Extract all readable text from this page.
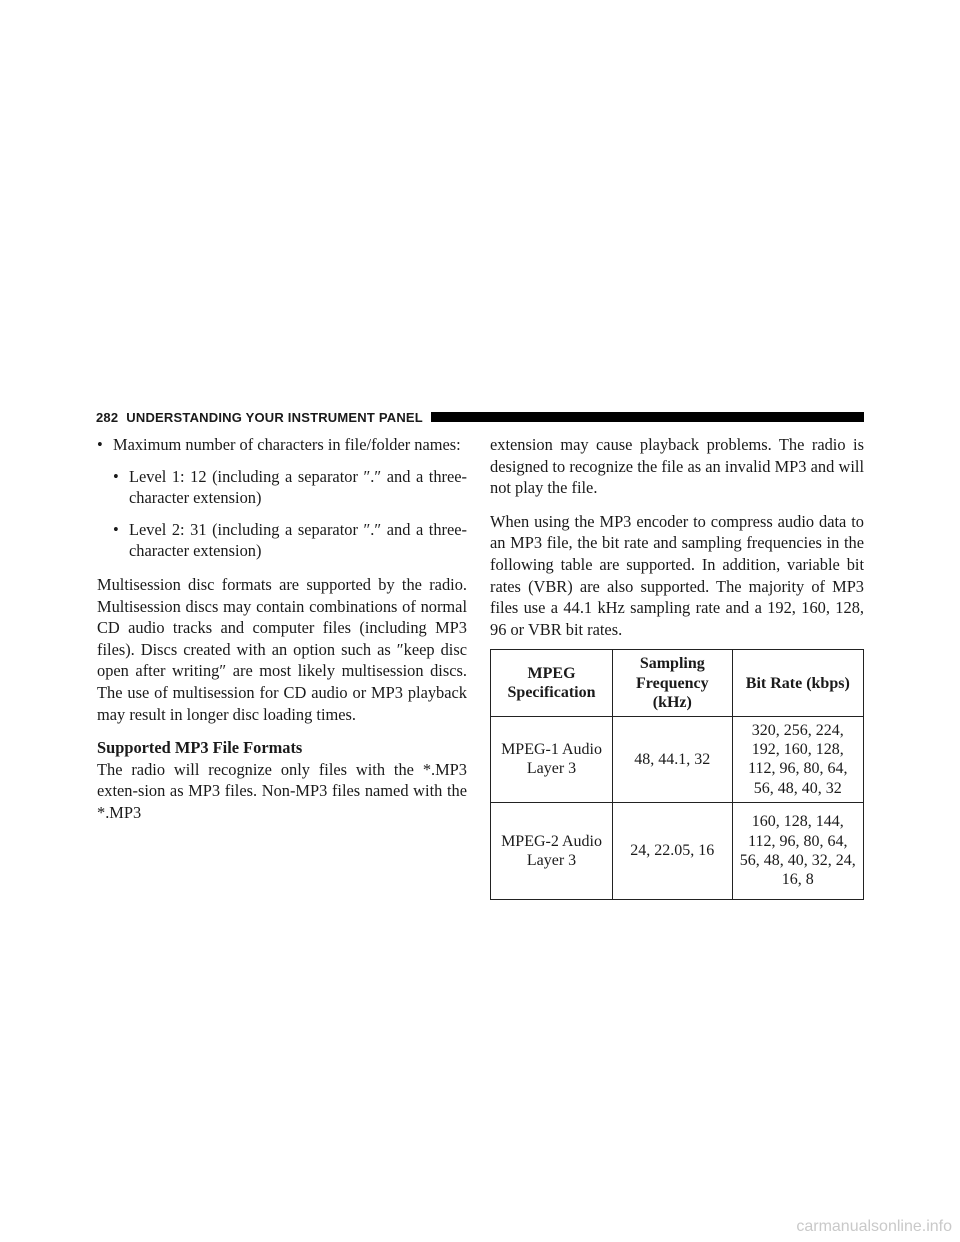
282 UNDERSTANDING YOUR INSTRUMENT PANEL
• Maximum number of characters in file/folder names:
• Level 1: 12 (including a separator ″.″ and a three-character extension)
• Level 2: 31 (including a separator ″.″ and a three-character extension)
Multisession disc formats are supported by the radio. Multisession discs may contain combinations of normal CD audio tracks and computer files (including MP3 files). Discs created with an option such as ″keep disc open after writing″ are most likely multisession discs. The use of multisession for CD audio or MP3 playback may result in longer disc loading times.
Supported MP3 File Formats
The radio will recognize only files with the *.MP3 exten-sion as MP3 files. Non-MP3 files named with the *.MP3
extension may cause playback problems. The radio is designed to recognize the file as an invalid MP3 and will not play the file.
When using the MP3 encoder to compress audio data to an MP3 file, the bit rate and sampling frequencies in the following table are supported. In addition, variable bit rates (VBR) are also supported. The majority of MP3 files use a 44.1 kHz sampling rate and a 192, 160, 128, 96 or VBR bit rates.
MPEG Specification	Sampling Frequency (kHz)	Bit Rate (kbps)
MPEG-1 Audio Layer 3	48, 44.1, 32	320, 256, 224, 192, 160, 128, 112, 96, 80, 64, 56, 48, 40, 32
MPEG-2 Audio Layer 3	24, 22.05, 16	160, 128, 144, 112, 96, 80, 64, 56, 48, 40, 32, 24, 16, 8
carmanualsonline.info
